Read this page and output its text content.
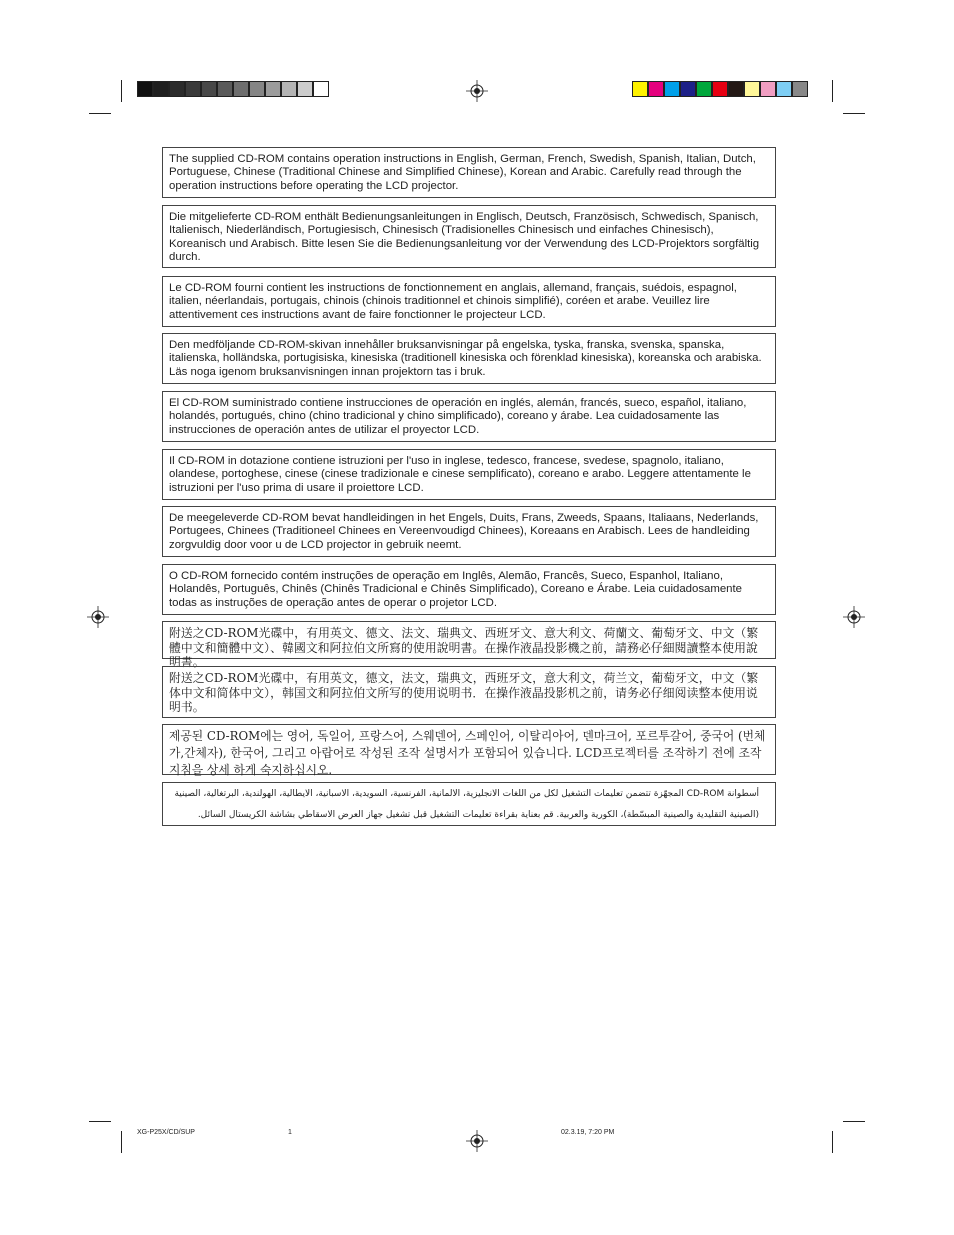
The supplied CD-ROM contains operation instructions in English, German, French, Swedish, Spanish, Italian, Dutch, Portuguese, Chinese (Traditional Chinese and Simplified Chinese), Korean and Arabic. Carefully read through the operation instructions before operating the LCD projector.
Die mitgelieferte CD-ROM enthält Bedienungsanleitungen in Englisch, Deutsch, Französisch, Schwedisch, Spanisch, Italienisch, Niederländisch, Portugiesisch, Chinesisch (Tradisionelles Chinesisch und einfaches Chinesisch), Koreanisch und Arabisch. Bitte lesen Sie die Bedienungsanleitung vor der Verwendung des LCD-Projektors sorgfältig durch.
Le CD-ROM fourni contient les instructions de fonctionnement en anglais, allemand, français, suédois, espagnol, italien, néerlandais, portugais, chinois (chinois traditionnel et chinois simplifié), coréen et arabe. Veuillez lire attentivement ces instructions avant de faire fonctionner le projecteur LCD.
Den medföljande CD-ROM-skivan innehåller bruksanvisningar på engelska, tyska, franska, svenska, spanska, italienska, holländska, portugisiska, kinesiska (traditionell kinesiska och förenklad kinesiska), koreanska och arabiska. Läs noga igenom bruksanvisningen innan projektorn tas i bruk.
El CD-ROM suministrado contiene instrucciones de operación en inglés, alemán, francés, sueco, español, italiano, holandés, portugués, chino (chino tradicional y chino simplificado), coreano y árabe. Lea cuidadosamente las instrucciones de operación antes de utilizar el proyector LCD.
Il CD-ROM in dotazione contiene istruzioni per l'uso in inglese, tedesco, francese, svedese, spagnolo, italiano, olandese, portoghese, cinese (cinese tradizionale e cinese semplificato), coreano e arabo. Leggere attentamente le istruzioni per l'uso prima di usare il proiettore LCD.
De meegeleverde CD-ROM bevat handleidingen in het Engels, Duits, Frans, Zweeds, Spaans, Italiaans, Nederlands, Portugees, Chinees (Traditioneel Chinees en Vereenvoudigd Chinees), Koreaans en Arabisch. Lees de handleiding zorgvuldig door voor u de LCD projector in gebruik neemt.
O CD-ROM fornecido contém instruções de operação em Inglês, Alemão, Francês, Sueco, Espanhol, Italiano, Holandês, Português, Chinês (Chinês Tradicional e Chinês Simplificado), Coreano e Árabe. Leia cuidadosamente todas as instruções de operação antes de operar o projetor LCD.
附送之CD-ROM光碟中，有用英文、德文、法文、瑞典文、西班牙文、意大利文、荷蘭文、葡萄牙文、中文（繁體中文和簡體中文）、韓國文和阿拉伯文所寫的使用說明書。在操作液晶投影機之前，請務必仔細閱讀整本使用說明書。
附送之CD-ROM光碟中，有用英文，德文，法文，瑞典文，西班牙文，意大利文，荷兰文，葡萄牙文，中文（繁体中文和简体中文），韩国文和阿拉伯文所写的使用说明书．在操作液晶投影机之前，请务必仔细阅读整本使用说明书。
제공된 CD-ROM에는 영어, 독일어, 프랑스어, 스웨덴어, 스페인어, 이탈리아어, 덴마크어, 포르투갈어, 중국어 (번체가,간체자), 한국어, 그리고 아랍어로 작성된 조작 설명서가 포함되어 있습니다. LCD프로젝터를 조작하기 전에 조작 지침을 상세 하게 숙지하십시오.
أسطوانة CD-ROM المجهّزة تتضمن تعليمات التشغيل لكل من اللغات الانجليزية، الالمانية، الفرنسية، السويدية، الاسبانية، الايطالية، الهولندية، البرتغالية، الصينية (الصينية التقليدية والصينية المبسّطة)، الكورية والعربية. قم بعناية بقراءة تعليمات التشغيل قبل تشغيل جهاز العرض الاسقاطي بشاشة الكريستال السائل.
XG-P25X/CD/SUP	1	02.3.19, 7:20 PM
